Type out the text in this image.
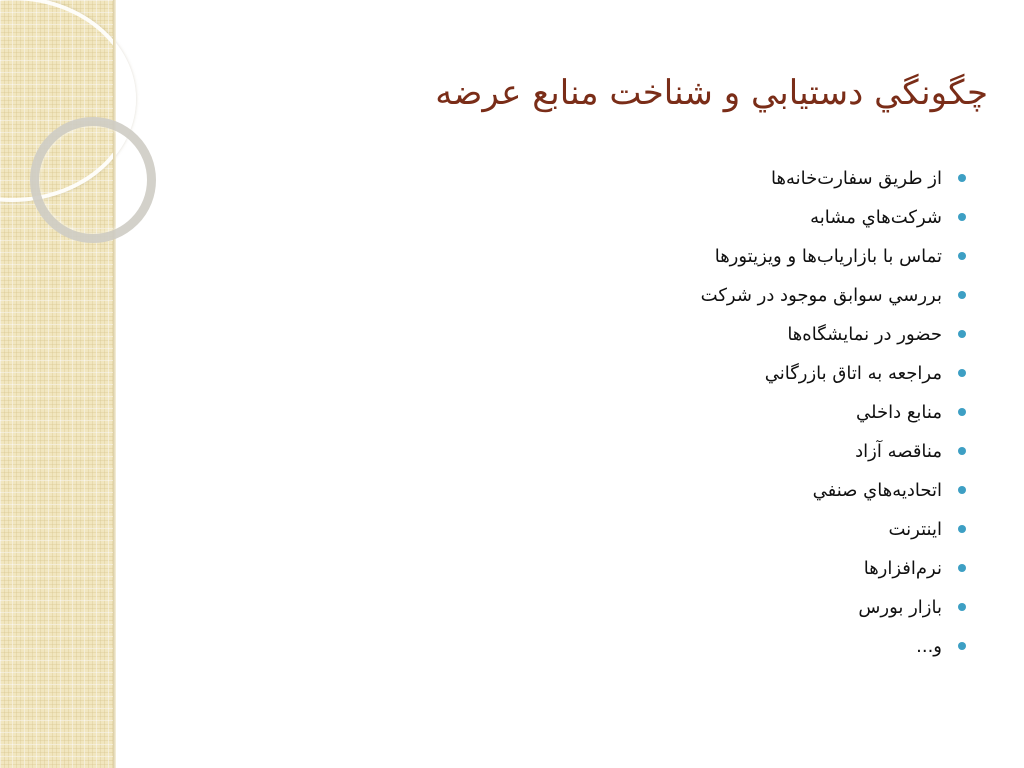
چگونگي دستيابي و شناخت منابع عرضه
از طريق سفارت‌خانه‌ها
شركت‌هاي مشابه
تماس با بازارياب‌ها و ويزيتورها
بررسي سوابق موجود در شركت
حضور در نمايشگاه‌ها
مراجعه به اتاق بازرگاني
منابع داخلي
مناقصه آزاد
اتحاديه‌هاي صنفي
اينترنت
نرم‌افزارها
بازار بورس
و...
